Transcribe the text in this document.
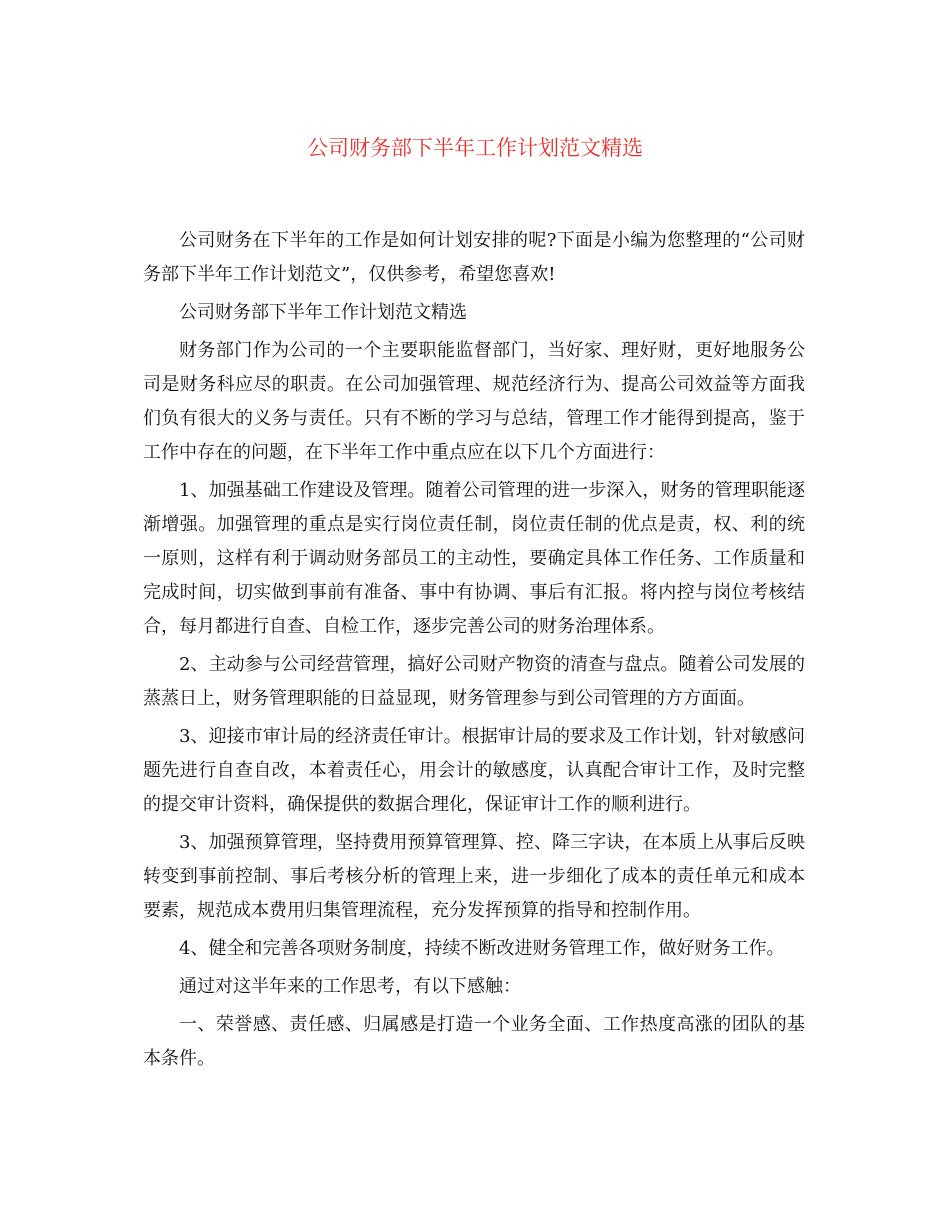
公司财务部下半年工作计划范文精选

公司财务在下半年的工作是如何计划安排的呢?下面是小编为您整理的“公司财务部下半年工作计划范文”，仅供参考，希望您喜欢!

公司财务部下半年工作计划范文精选

财务部门作为公司的一个主要职能监督部门，当好家、理好财，更好地服务公司是财务科应尽的职责。在公司加强管理、规范经济行为、提高公司效益等方面我们负有很大的义务与责任。只有不断的学习与总结，管理工作才能得到提高，鉴于工作中存在的问题，在下半年工作中重点应在以下几个方面进行：

1、加强基础工作建设及管理。随着公司管理的进一步深入，财务的管理职能逐渐增强。加强管理的重点是实行岗位责任制，岗位责任制的优点是责，权、利的统一原则，这样有利于调动财务部员工的主动性，要确定具体工作任务、工作质量和完成时间，切实做到事前有准备、事中有协调、事后有汇报。将内控与岗位考核结合，每月都进行自查、自检工作，逐步完善公司的财务治理体系。

2、主动参与公司经营管理，搞好公司财产物资的清查与盘点。随着公司发展的蒸蒸日上，财务管理职能的日益显现，财务管理参与到公司管理的方方面面。

3、迎接市审计局的经济责任审计。根据审计局的要求及工作计划，针对敏感问题先进行自查自改，本着责任心，用会计的敏感度，认真配合审计工作，及时完整的提交审计资料，确保提供的数据合理化，保证审计工作的顺利进行。

3、加强预算管理，坚持费用预算管理算、控、降三字诀，在本质上从事后反映转变到事前控制、事后考核分析的管理上来，进一步细化了成本的责任单元和成本要素，规范成本费用归集管理流程，充分发挥预算的指导和控制作用。

4、健全和完善各项财务制度，持续不断改进财务管理工作，做好财务工作。

通过对这半年来的工作思考，有以下感触：

一、荣誉感、责任感、归属感是打造一个业务全面、工作热度高涨的团队的基本条件。
